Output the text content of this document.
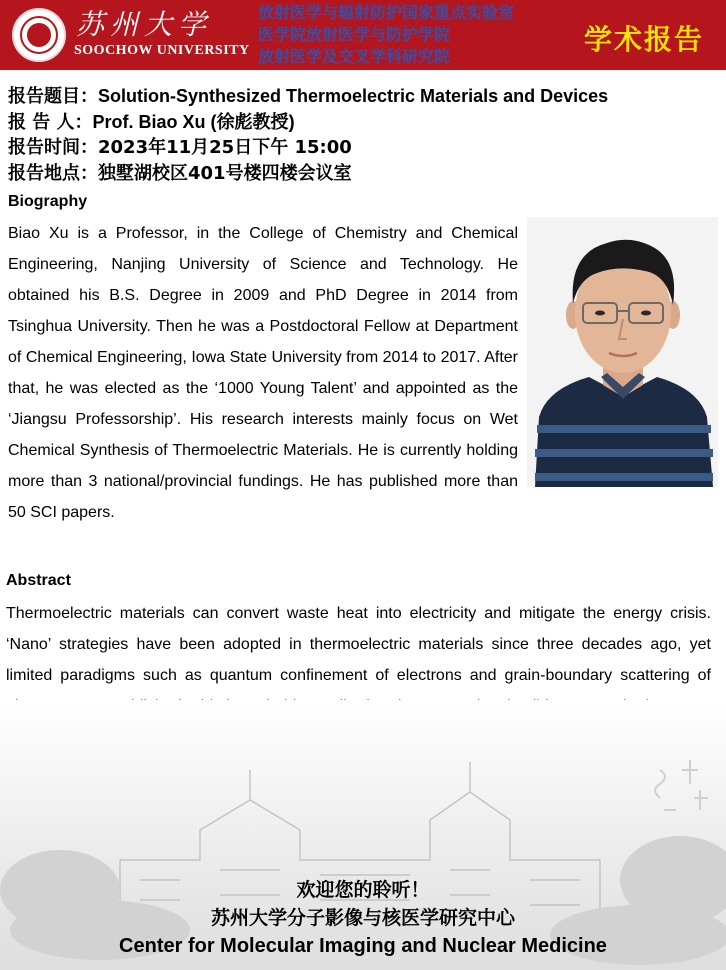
苏州大学
SOOCHOW UNIVERSITY
放射医学与辐射防护国家重点实验室
医学院放射医学与防护学院
放射医学及交叉学科研究院
学术报告
报告题目：Solution-Synthesized Thermoelectric Materials and Devices
报 告 人：Prof. Biao Xu (徐彪教授)
报告时间：2023年11月25日下午 15:00
报告地点：独墅湖校区401号楼四楼会议室
Biography
Biao Xu is a Professor, in the College of Chemistry and Chemical Engineering, Nanjing University of Science and Technology. He obtained his B.S. Degree in 2009 and PhD Degree in 2014 from Tsinghua University. Then he was a Postdoctoral Fellow at Department of Chemical Engineering, Iowa State University from 2014 to 2017. After that, he was elected as the ‘1000 Young Talent’ and appointed as the ‘Jiangsu Professorship’. His research interests mainly focus on Wet Chemical Synthesis of Thermoelectric Materials. He is currently holding more than 3 national/provincial fundings. He has published more than 50 SCI papers.
Abstract
Thermoelectric materials can convert waste heat into electricity and mitigate the energy crisis. ‘Nano’ strategies have been adopted in thermoelectric materials since three decades ago, yet limited paradigms such as quantum confinement of electrons and grain-boundary scattering of
欢迎您的聆听！
苏州大学分子影像与核医学研究中心
Center for Molecular Imaging and Nuclear Medicine
